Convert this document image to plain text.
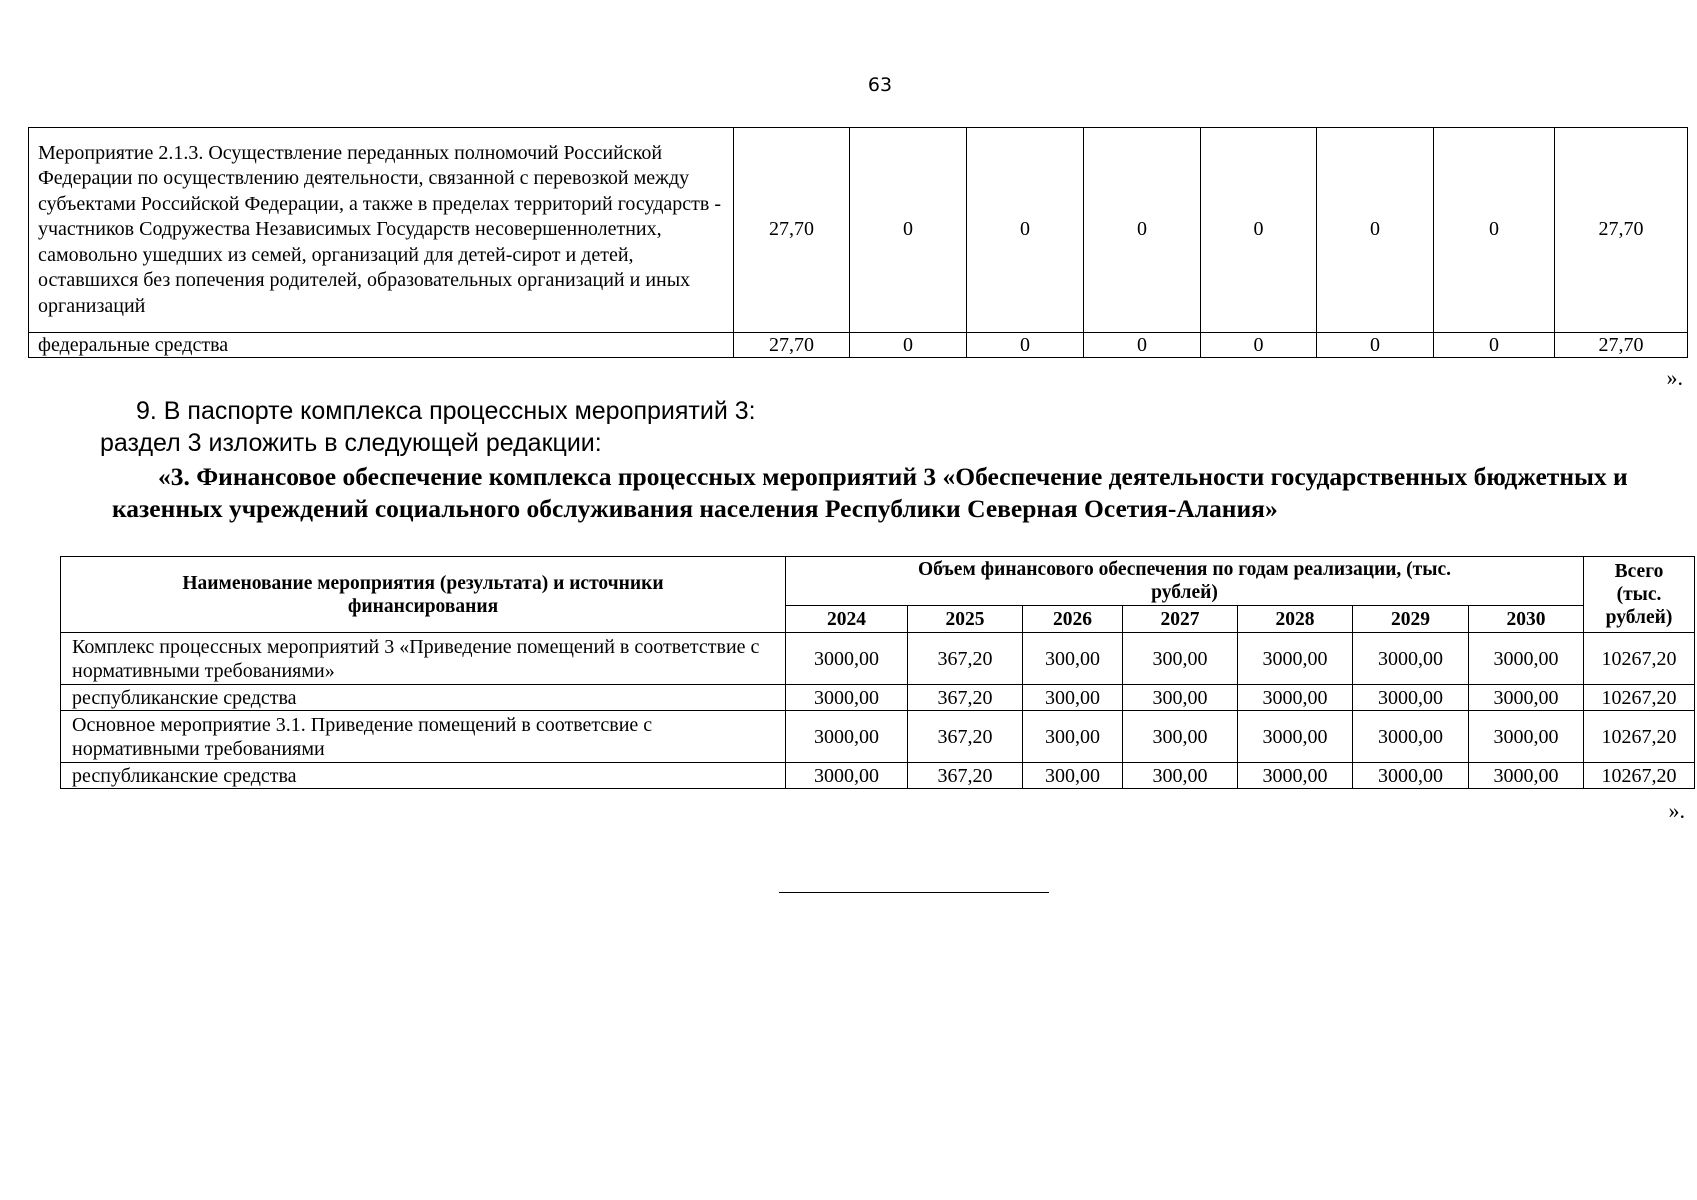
63
Мероприятие 2.1.3. Осуществление переданных полномочий Российской Федерации по осуществлению деятельности, связанной с перевозкой между субъектами Российской Федерации, а также в пределах территорий государств - участников Содружества Независимых Государств несовершеннолетних, самовольно ушедших из семей, организаций для детей-сирот и детей, оставшихся без попечения родителей, образовательных организаций и иных организаций	27,70	0	0	0	0	0	0	27,70
федеральные средства	27,70	0	0	0	0	0	0	27,70
».
9. В паспорте комплекса процессных мероприятий 3:
раздел 3 изложить в следующей редакции:
«3. Финансовое обеспечение комплекса процессных мероприятий 3 «Обеспечение деятельности государственных бюджетных и казенных учреждений социального обслуживания населения Республики Северная Осетия-Алания»
Наименование мероприятия (результата) и источники финансирования	Объем финансового обеспечения по годам реализации, (тыс. рублей)							Всего (тыс. рублей)
	2024	2025	2026	2027	2028	2029	2030	
Комплекс процессных мероприятий 3 «Приведение помещений в соответствие с нормативными требованиями»	3000,00	367,20	300,00	300,00	3000,00	3000,00	3000,00	10267,20
республиканские средства	3000,00	367,20	300,00	300,00	3000,00	3000,00	3000,00	10267,20
Основное мероприятие 3.1. Приведение помещений в соответсвие с нормативными требованиями	3000,00	367,20	300,00	300,00	3000,00	3000,00	3000,00	10267,20
республиканские средства	3000,00	367,20	300,00	300,00	3000,00	3000,00	3000,00	10267,20
».
